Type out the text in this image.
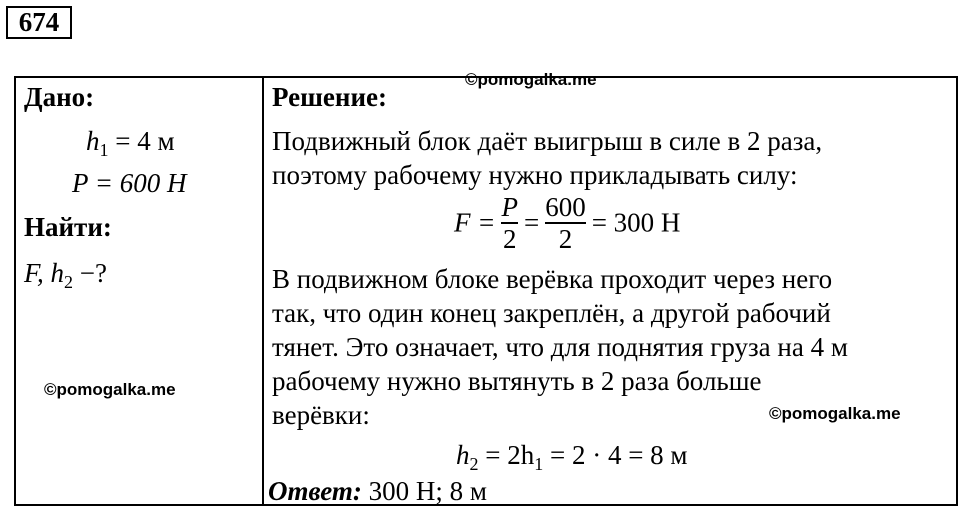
674
©pomogalka.me
Дано:
$h_1 = 4$ м
P = 600 Н
Найти:
F, $h_2$ −?
©pomogalka.me

Решение:
Подвижный блок даёт выигрыш в силе в 2 раза,
поэтому рабочему нужно прикладывать силу:
$F = \frac{P}{2} = \frac{600}{2} = 300$ Н
В подвижном блоке верёвка проходит через него
так, что один конец закреплён, а другой рабочий
тянет. Это означает, что для поднятия груза на 4 м
рабочему нужно вытянуть в 2 раза больше
верёвки:	©pomogalka.me
$h_2 = 2h_1 = 2 \cdot 4 = 8$ м
Ответ: 300 Н; 8 м
